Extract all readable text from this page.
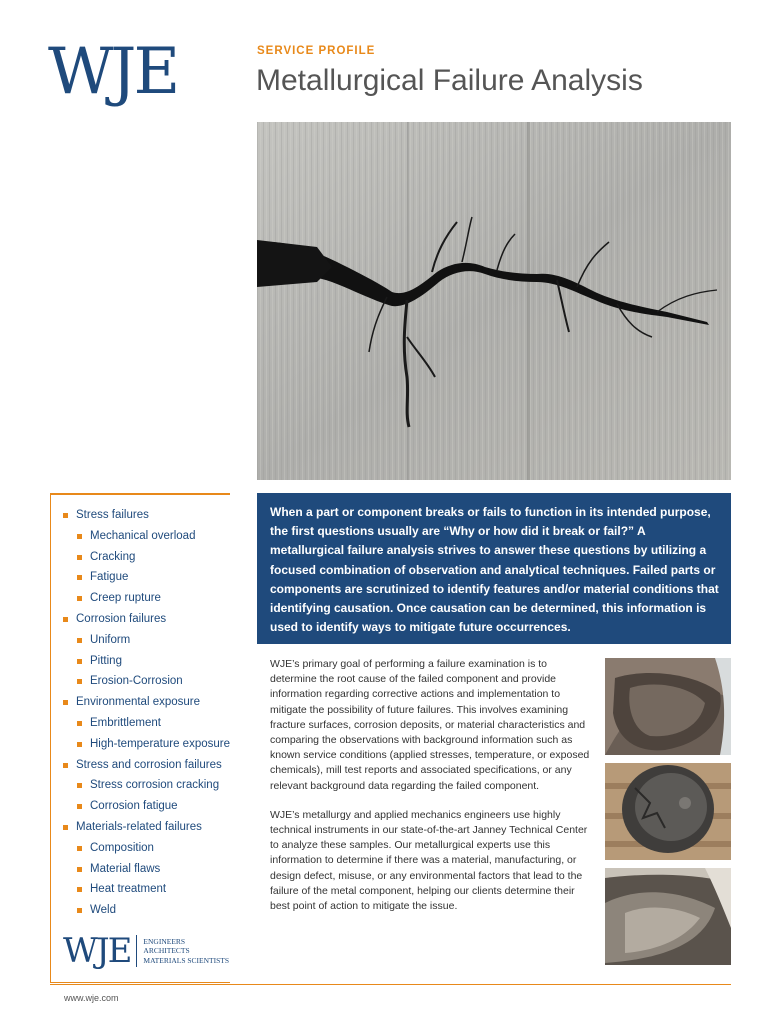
WJE	SERVICE PROFILE
Metallurgical Failure Analysis
Stress failures
Mechanical overload
Cracking
Fatigue
Creep rupture
Corrosion failures
Uniform
Pitting
Erosion-Corrosion
Environmental exposure
Embrittlement
High-temperature exposure
Stress and corrosion failures
Stress corrosion cracking
Corrosion fatigue
Materials-related failures
Composition
Material flaws
Heat treatment
Weld
WJE ENGINEERS
ARCHITECTS
MATERIALS SCIENTISTS
When a part or component breaks or fails to function in its intended purpose, the first questions usually are “Why or how did it break or fail?” A metallurgical failure analysis strives to answer these questions by utilizing a focused combination of observation and analytical techniques. Failed parts or components are scrutinized to identify features and/or material conditions that identifying causation. Once causation can be determined, this information is used to identify ways to mitigate future occurrences.

WJE’s primary goal of performing a failure examination is to determine the root cause of the failed component and provide information regarding corrective actions and implementation to mitigate the possibility of future failures. This involves examining fracture surfaces, corrosion deposits, or material characteristics and comparing the observations with background information such as known service conditions (applied stresses, temperature, or exposed chemicals), mill test reports and associated specifications, or any relevant background data regarding the failed component.

WJE’s metallurgy and applied mechanics engineers use highly technical instruments in our state-of-the-art Janney Technical Center to analyze these samples. Our metallurgical experts use this information to determine if there was a material, manufacturing, or design defect, misuse, or any environmental factors that lead to the failure of the metal component, helping our clients determine their best point of action to mitigate the issue.

www.wje.com
